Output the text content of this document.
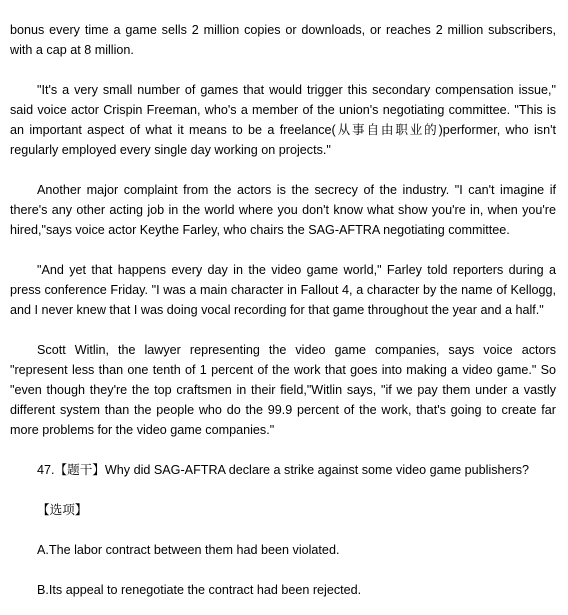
bonus every time a game sells 2 million copies or downloads, or reaches 2 million subscribers, with a cap at 8 million.

"It's a very small number of games that would trigger this secondary compensation issue," said voice actor Crispin Freeman, who's a member of the union's negotiating committee. "This is an important aspect of what it means to be a freelance(从事自由职业的)performer, who isn't regularly employed every single day working on projects."

Another major complaint from the actors is the secrecy of the industry. "I can't imagine if there's any other acting job in the world where you don't know what show you're in, when you're hired,"says voice actor Keythe Farley, who chairs the SAG-AFTRA negotiating committee.

"And yet that happens every day in the video game world," Farley told reporters during a press conference Friday. "I was a main character in Fallout 4, a character by the name of Kellogg, and I never knew that I was doing vocal recording for that game throughout the year and a half."

Scott Witlin, the lawyer representing the video game companies, says voice actors "represent less than one tenth of 1 percent of the work that goes into making a video game." So "even though they're the top craftsmen in their field,"Witlin says, "if we pay them under a vastly different system than the people who do the 99.9 percent of the work, that's going to create far more problems for the video game companies."

47.【题干】Why did SAG-AFTRA declare a strike against some video game publishers?

【选项】

A.The labor contract between them had been violated.

B.Its appeal to renegotiate the contract had been rejected.
